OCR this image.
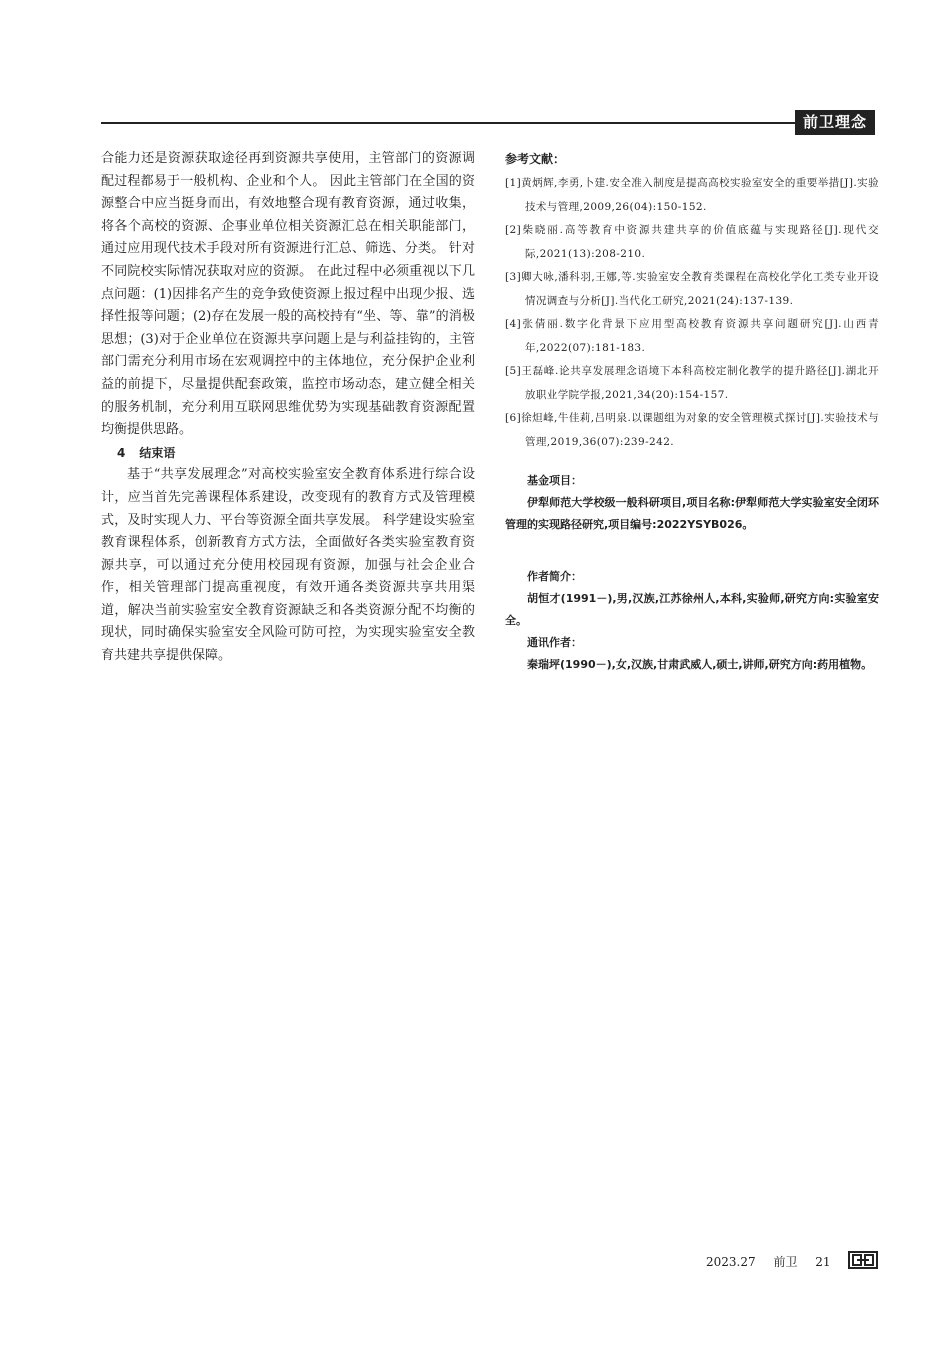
前卫理念

合能力还是资源获取途径再到资源共享使用，主管部门的资源调配过程都易于一般机构、企业和个人。 因此主管部门在全国的资源整合中应当挺身而出，有效地整合现有教育资源，通过收集，将各个高校的资源、企事业单位相关资源汇总在相关职能部门，通过应用现代技术手段对所有资源进行汇总、筛选、分类。 针对不同院校实际情况获取对应的资源。 在此过程中必须重视以下几点问题：(1)因排名产生的竞争致使资源上报过程中出现少报、选择性报等问题；(2)存在发展一般的高校持有“坐、等、靠”的消极思想；(3)对于企业单位在资源共享问题上是与利益挂钩的，主管部门需充分利用市场在宏观调控中的主体地位，充分保护企业利益的前提下，尽量提供配套政策，监控市场动态，建立健全相关的服务机制，充分利用互联网思维优势为实现基础教育资源配置均衡提供思路。

4 结束语

基于“共享发展理念”对高校实验室安全教育体系进行综合设计，应当首先完善课程体系建设，改变现有的教育方式及管理模式，及时实现人力、平台等资源全面共享发展。 科学建设实验室教育课程体系，创新教育方式方法，全面做好各类实验室教育资源共享，可以通过充分使用校园现有资源，加强与社会企业合作，相关管理部门提高重视度，有效开通各类资源共享共用渠道，解决当前实验室安全教育资源缺乏和各类资源分配不均衡的现状，同时确保实验室安全风险可防可控，为实现实验室安全教育共建共享提供保障。

参考文献：

[1]黄炳辉,李勇,卜建.安全准入制度是提高高校实验室安全的重要举措[J].实验技术与管理,2009,26(04):150-152.

[2]柴晓丽.高等教育中资源共建共享的价值底蕴与实现路径[J].现代交际,2021(13):208-210.

[3]卿大咏,潘科羽,王娜,等.实验室安全教育类课程在高校化学化工类专业开设情况调查与分析[J].当代化工研究,2021(24):137-139.

[4]张倩丽.数字化背景下应用型高校教育资源共享问题研究[J].山西青年,2022(07):181-183.

[5]王磊峰.论共享发展理念语境下本科高校定制化教学的提升路径[J].湖北开放职业学院学报,2021,34(20):154-157.

[6]徐炟峰,牛佳莉,吕明泉.以课题组为对象的安全管理模式探讨[J].实验技术与管理,2019,36(07):239-242.

基金项目：

伊犁师范大学校级一般科研项目,项目名称:伊犁师范大学实验室安全闭环管理的实现路径研究,项目编号:2022YSYB026。

作者简介：

胡恒才(1991－),男,汉族,江苏徐州人,本科,实验师,研究方向:实验室安全。

通讯作者：

秦瑞坪(1990－),女,汉族,甘肃武威人,硕士,讲师,研究方向:药用植物。

2023.27 前卫 21
